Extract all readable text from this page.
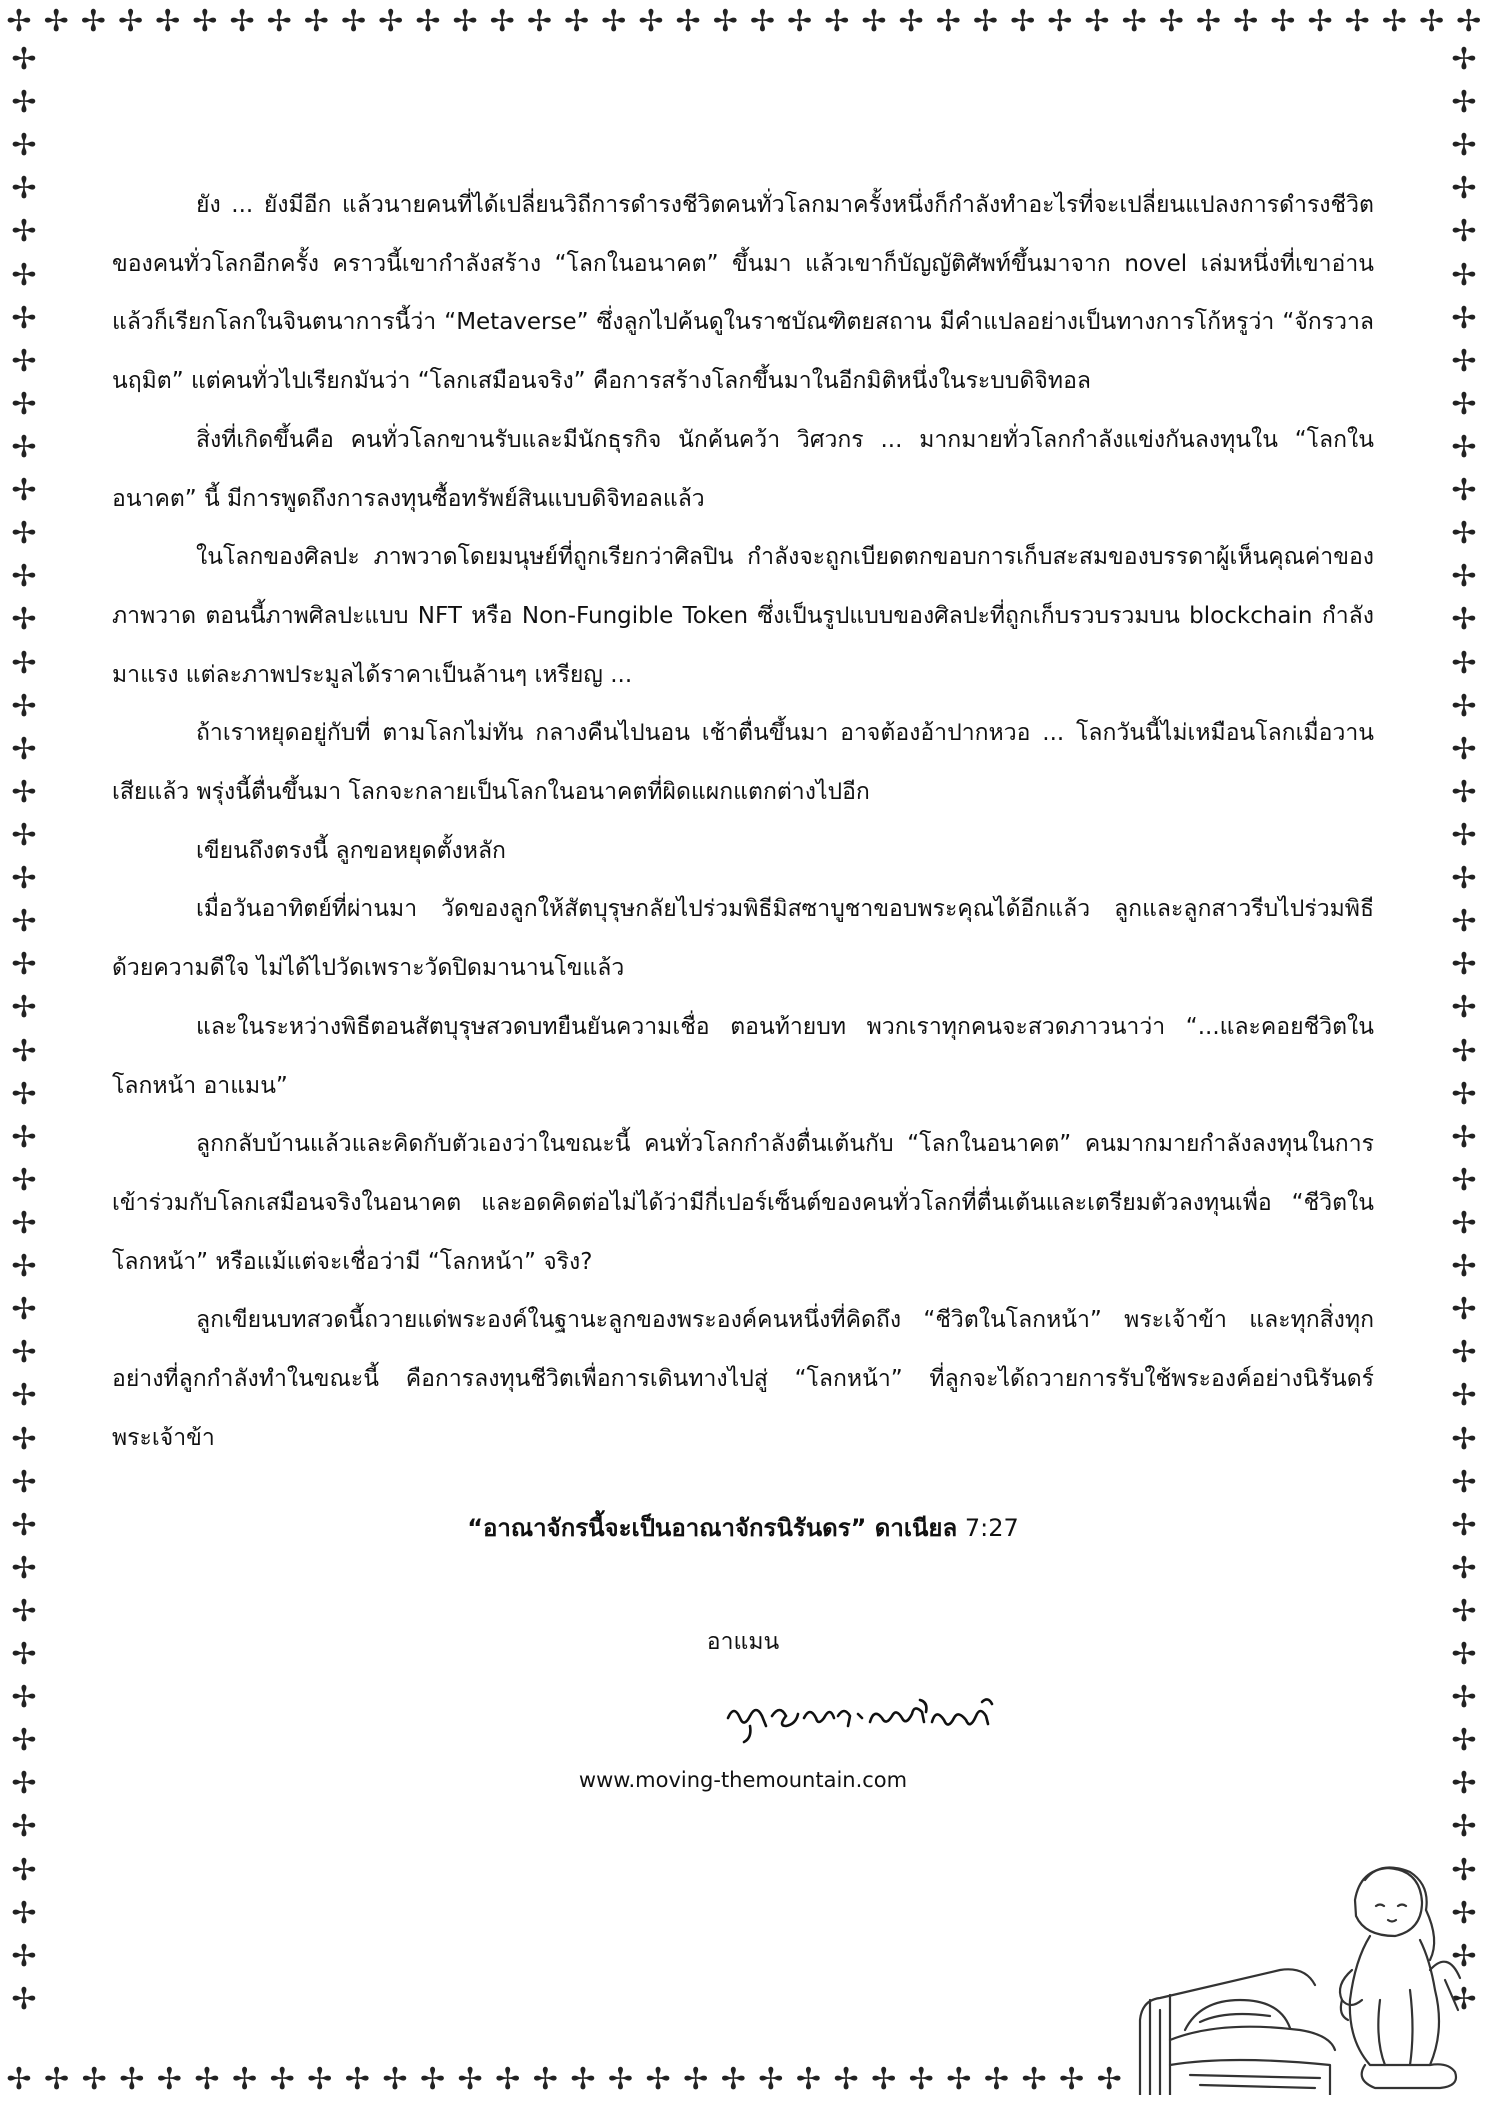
✢ ✢ ✢ ✢ ✢ ✢ ✢ ✢ ✢ ✢ ✢ ✢ ✢ ✢ ✢ ✢ ✢ ✢ ✢ ✢ ✢ ✢ ✢ ✢ ✢ ✢ ✢ ✢ ✢ ✢ ✢ ✢ ✢ ✢ ✢ ✢ ✢ ✢ ✢ ✢
✢ ✢ ✢ ✢ ✢ ✢ ✢ ✢ ✢ ✢ ✢ ✢ ✢ ✢ ✢ ✢ ✢ ✢ ✢ ✢ ✢ ✢ ✢ ✢ ✢ ✢ ✢ ✢ ✢ ✢
✢
✢
✢
✢
✢
✢
✢
✢
✢
✢
✢
✢
✢
✢
✢
✢
✢
✢
✢
✢
✢
✢
✢
✢
✢
✢
✢
✢
✢
✢
✢
✢
✢
✢
✢
✢
✢
✢
✢
✢
✢
✢
✢
✢
✢
✢
✢
✢
✢
✢
✢
✢
✢
✢
✢
✢
✢
✢
✢
✢
✢
✢
✢
✢
✢
✢
✢
✢
✢
✢
✢
✢
✢
✢
✢
✢
✢
✢
✢
✢
✢
✢
✢
✢
✢
✢
✢
✢
✢
✢
✢
✢

ยัง ... ยังมีอีก แล้วนายคนที่ได้เปลี่ยนวิถีการดำรงชีวิตคนทั่วโลกมาครั้งหนึ่งก็กำลังทำอะไรที่จะเปลี่ยนแปลงการดำรงชีวิตของคนทั่วโลกอีกครั้ง คราวนี้เขากำลังสร้าง “โลกในอนาคต” ขึ้นมา แล้วเขาก็บัญญัติศัพท์ขึ้นมาจาก novel เล่มหนึ่งที่เขาอ่าน แล้วก็เรียกโลกในจินตนาการนี้ว่า “Metaverse” ซึ่งลูกไปค้นดูในราชบัณฑิตยสถาน มีคำแปลอย่างเป็นทางการโก้หรูว่า “จักรวาลนฤมิต” แต่คนทั่วไปเรียกมันว่า “โลกเสมือนจริง” คือการสร้างโลกขึ้นมาในอีกมิติหนึ่งในระบบดิจิทอล

สิ่งที่เกิดขึ้นคือ คนทั่วโลกขานรับและมีนักธุรกิจ นักค้นคว้า วิศวกร ... มากมายทั่วโลกกำลังแข่งกันลงทุนใน “โลกในอนาคต” นี้ มีการพูดถึงการลงทุนซื้อทรัพย์สินแบบดิจิทอลแล้ว

ในโลกของศิลปะ ภาพวาดโดยมนุษย์ที่ถูกเรียกว่าศิลปิน กำลังจะถูกเบียดตกขอบการเก็บสะสมของบรรดาผู้เห็นคุณค่าของภาพวาด ตอนนี้ภาพศิลปะแบบ NFT หรือ Non-Fungible Token ซึ่งเป็นรูปแบบของศิลปะที่ถูกเก็บรวบรวมบน blockchain กำลังมาแรง แต่ละภาพประมูลได้ราคาเป็นล้านๆ เหรียญ ...

ถ้าเราหยุดอยู่กับที่ ตามโลกไม่ทัน กลางคืนไปนอน เช้าตื่นขึ้นมา อาจต้องอ้าปากหวอ ... โลกวันนี้ไม่เหมือนโลกเมื่อวานเสียแล้ว พรุ่งนี้ตื่นขึ้นมา โลกจะกลายเป็นโลกในอนาคตที่ผิดแผกแตกต่างไปอีก

เขียนถึงตรงนี้ ลูกขอหยุดตั้งหลัก

เมื่อวันอาทิตย์ที่ผ่านมา วัดของลูกให้สัตบุรุษกลัยไปร่วมพิธีมิสซาบูชาขอบพระคุณได้อีกแล้ว ลูกและลูกสาวรีบไปร่วมพิธีด้วยความดีใจ ไม่ได้ไปวัดเพราะวัดปิดมานานโขแล้ว

และในระหว่างพิธีตอนสัตบุรุษสวดบทยืนยันความเชื่อ ตอนท้ายบท พวกเราทุกคนจะสวดภาวนาว่า “...และคอยชีวิตในโลกหน้า อาแมน”

ลูกกลับบ้านแล้วและคิดกับตัวเองว่าในขณะนี้ คนทั่วโลกกำลังตื่นเต้นกับ “โลกในอนาคต” คนมากมายกำลังลงทุนในการเข้าร่วมกับโลกเสมือนจริงในอนาคต และอดคิดต่อไม่ได้ว่ามีกี่เปอร์เซ็นต์ของคนทั่วโลกที่ตื่นเต้นและเตรียมตัวลงทุนเพื่อ “ชีวิตในโลกหน้า” หรือแม้แต่จะเชื่อว่ามี “โลกหน้า” จริง?

ลูกเขียนบทสวดนี้ถวายแด่พระองค์ในฐานะลูกของพระองค์คนหนึ่งที่คิดถึง “ชีวิตในโลกหน้า” พระเจ้าข้า และทุกสิ่งทุกอย่างที่ลูกกำลังทำในขณะนี้ คือการลงทุนชีวิตเพื่อการเดินทางไปสู่ “โลกหน้า” ที่ลูกจะได้ถวายการรับใช้พระองค์อย่างนิรันดร์ พระเจ้าข้า

“อาณาจักรนี้จะเป็นอาณาจักรนิรันดร” ดาเนียล 7:27
อาแมน
www.moving-themountain.com
